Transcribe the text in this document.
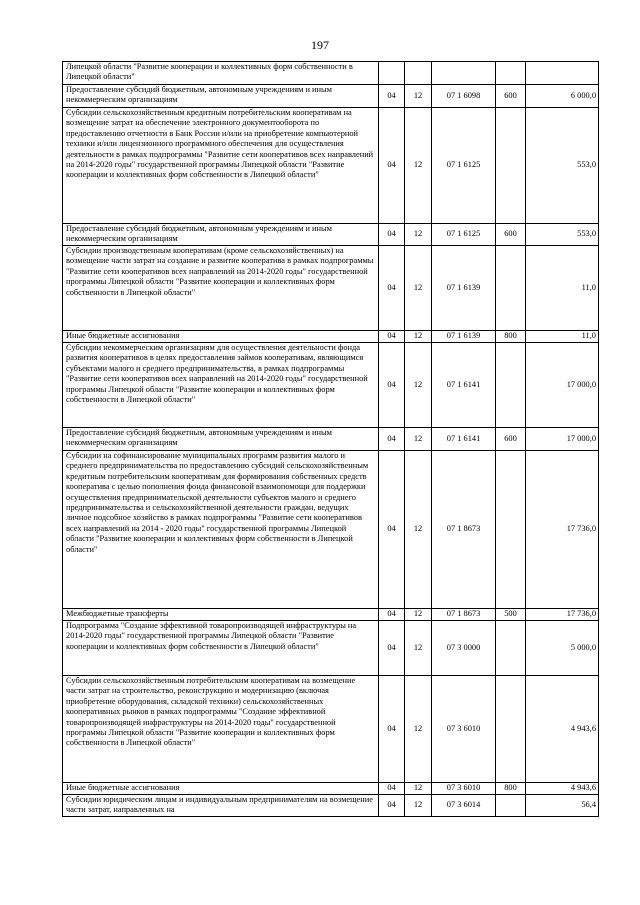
197
Липецкой области "Развитие кооперации и коллективных форм собственности в Липецкой области"					
Предоставление субсидий бюджетным, автономным учреждениям и иным некоммерческим организациям	04	12	07 1 6098	600	6 000,0
Субсидии сельскохозяйственным кредитным потребительским кооперативам на возмещение затрат на обеспечение электронного документооборота по предоставлению отчетности в Банк России и/или на приобретение компьютерной техники и/или лицензионного программного обеспечения для осуществления деятельности в рамках подпрограммы "Развитие сети кооперативов всех направлений на 2014-2020 годы" государственной программы Липецкой области "Развитие кооперации и коллективных форм собственности в Липецкой области"	04	12	07 1 6125		553,0
Предоставление субсидий бюджетным, автономным учреждениям и иным некоммерческим организациям	04	12	07 1 6125	600	553,0
Субсидии производственным кооперативам (кроме сельскохозяйственных) на возмещение части затрат на создание и развитие кооператива в рамках подпрограммы "Развитие сети кооперативов всех направлений на 2014-2020 годы" государственной программы Липецкой области "Развитие кооперации и коллективных форм собственности в Липецкой области"	04	12	07 1 6139		11,0
Иные бюджетные ассигнования	04	12	07 1 6139	800	11,0
Субсидии некоммерческим организациям для осуществления деятельности фонда развития кооперативов в целях предоставления займов кооперативам, являющимся субъектами малого и среднего предпринимательства, в рамках подпрограммы "Развитие сети кооперативов всех направлений на 2014-2020 годы" государственной программы Липецкой области "Развитие кооперации и коллективных форм собственности в Липецкой области"	04	12	07 1 6141		17 000,0
Предоставление субсидий бюджетным, автономным учреждениям и иным некоммерческим организациям	04	12	07 1 6141	600	17 000,0
Субсидии на софинансирование муниципальных программ развития малого и среднего предпринимательства по предоставлению субсидий сельскохозяйственным кредитным потребительским кооперативам для формирования собственных средств кооператива с целью пополнения фонда финансовой взаимопомощи для поддержки осуществления предпринимательской деятельности субъектов малого и среднего предпринимательства и сельскохозяйственной деятельности граждан, ведущих личное подсобное хозяйство в рамках подпрограммы "Развитие сети кооперативов всех направлений на 2014 - 2020 годы" государственной программы Липецкой области "Развитие кооперации и коллективных форм собственности в Липецкой области"	04	12	07 1 8673		17 736,0
Межбюджетные трансферты	04	12	07 1 8673	500	17 736,0
Подпрограмма "Создание эффективной товаропроизводящей инфраструктуры на 2014-2020 годы" государственной программы Липецкой области "Развитие кооперации и коллективных форм собственности в Липецкой области"	04	12	07 3 0000		5 000,0
Субсидии сельскохозяйственным потребительским кооперативам на возмещение части затрат на строительство, реконструкцию и модернизацию (включая приобретение оборудования, складской техники) сельскохозяйственных кооперативных рынков в рамках подпрограммы "Создание эффективной товаропроизводящей инфраструктуры на 2014-2020 годы" государственной программы Липецкой области "Развитие кооперации и коллективных форм собственности в Липецкой области"	04	12	07 3 6010		4 943,6
Иные бюджетные ассигнования	04	12	07 3 6010	800	4 943,6
Субсидии юридическим лицам и индивидуальным предпринимателям на возмещение части затрат, направленных на	04	12	07 3 6014		56,4
